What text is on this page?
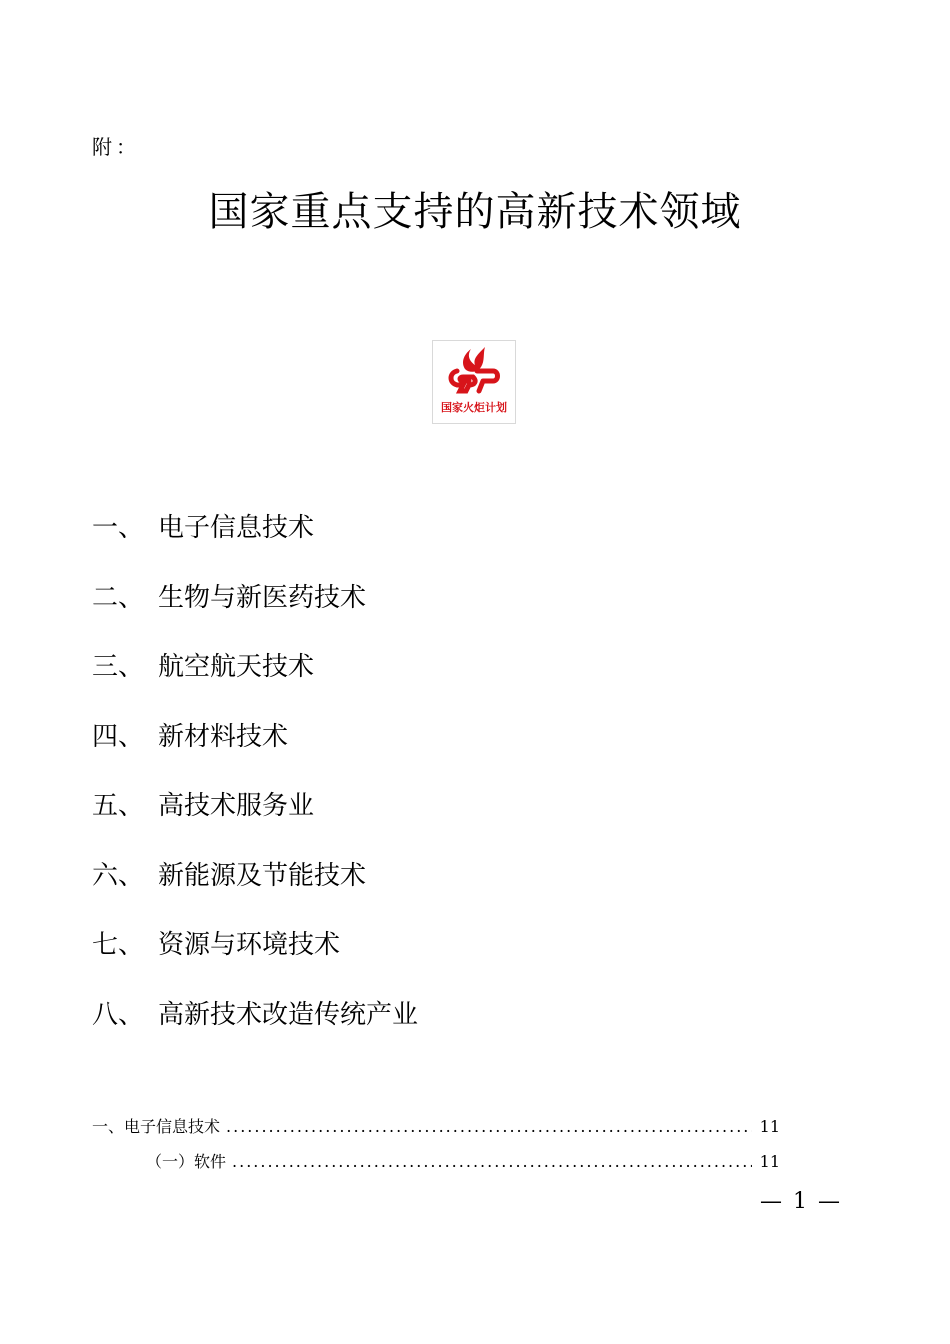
附：
国家重点支持的高新技术领域
国家火炬计划
一、 电子信息技术
二、 生物与新医药技术
三、 航空航天技术
四、 新材料技术
五、 高技术服务业
六、 新能源及节能技术
七、 资源与环境技术
八、 高新技术改造传统产业
一、电子信息技术 .....	11
（一）软件 .....	11
— 1 —
